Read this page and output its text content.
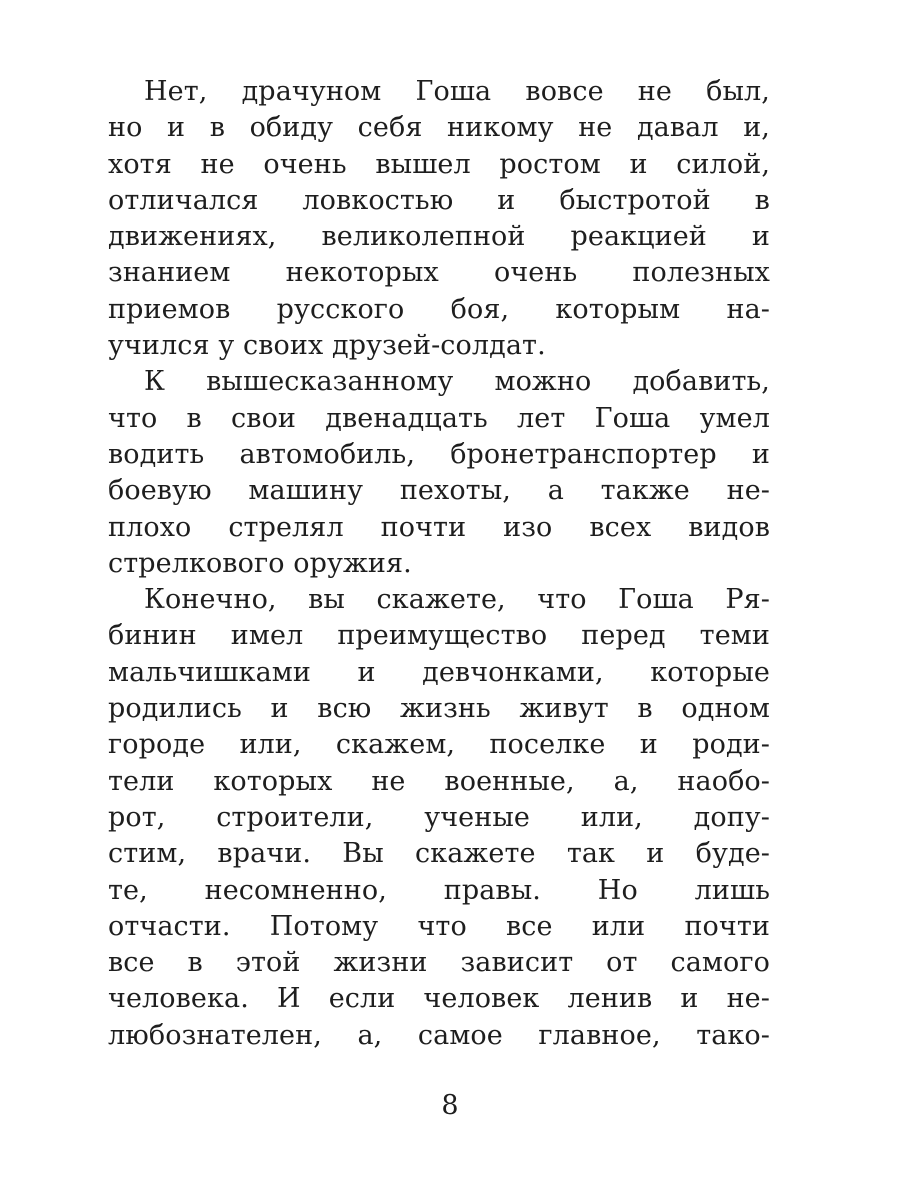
Нет, драчуном Гоша вовсе не был,
но и в обиду себя никому не давал и,
хотя не очень вышел ростом и силой,
отличался ловкостью и быстротой в
движениях, великолепной реакцией и
знанием некоторых очень полезных
приемов русского боя, которым на-
учился у своих друзей-солдат.
К вышесказанному можно добавить,
что в свои двенадцать лет Гоша умел
водить автомобиль, бронетранспортер и
боевую машину пехоты, а также не-
плохо стрелял почти изо всех видов
стрелкового оружия.
Конечно, вы скажете, что Гоша Ря-
бинин имел преимущество перед теми
мальчишками и девчонками, которые
родились и всю жизнь живут в одном
городе или, скажем, поселке и роди-
тели которых не военные, а, наобо-
рот, строители, ученые или, допу-
стим, врачи. Вы скажете так и буде-
те, несомненно, правы. Но лишь
отчасти. Потому что все или почти
все в этой жизни зависит от самого
человека. И если человек ленив и не-
любознателен, а, самое главное, тако-
8
